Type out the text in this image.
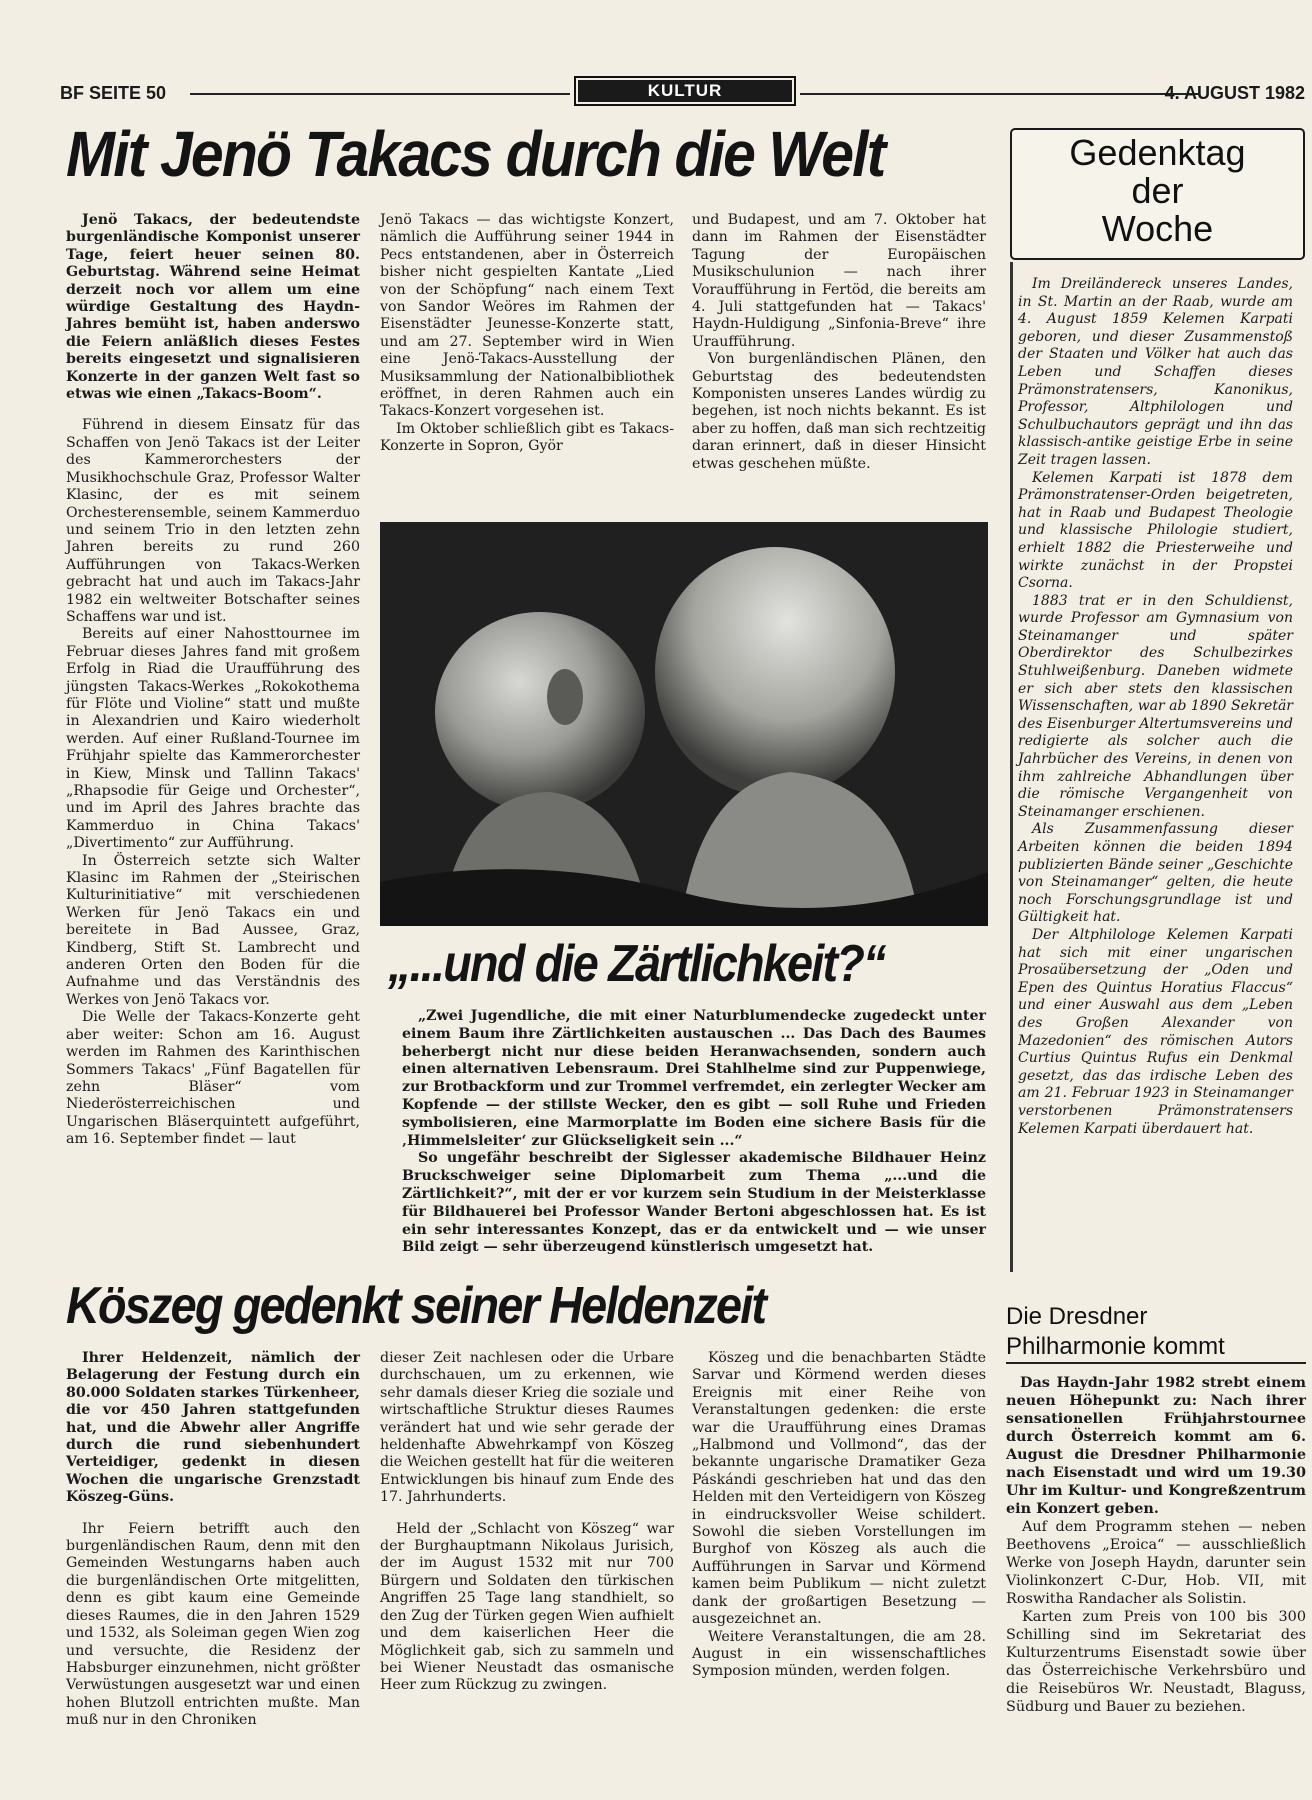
BF SEITE 50	KULTUR	4. AUGUST 1982
Mit Jenö Takacs durch die Welt

Jenö Takacs, der bedeutendste burgenländische Komponist unserer Tage, feiert heuer seinen 80. Geburtstag. Während seine Heimat derzeit noch vor allem um eine würdige Gestaltung des Haydn-Jahres bemüht ist, haben anderswo die Feiern anläßlich dieses Festes bereits eingesetzt und signalisieren Konzerte in der ganzen Welt fast so etwas wie einen „Takacs-Boom“.

Führend in diesem Einsatz für das Schaffen von Jenö Takacs ist der Leiter des Kammerorchesters der Musikhochschule Graz, Professor Walter Klasinc, der es mit seinem Orchesterensemble, seinem Kammerduo und seinem Trio in den letzten zehn Jahren bereits zu rund 260 Aufführungen von Takacs-Werken gebracht hat und auch im Takacs-Jahr 1982 ein weltweiter Botschafter seines Schaffens war und ist.

Bereits auf einer Nahosttournee im Februar dieses Jahres fand mit großem Erfolg in Riad die Uraufführung des jüngsten Takacs-Werkes „Rokokothema für Flöte und Violine“ statt und mußte in Alexandrien und Kairo wiederholt werden. Auf einer Rußland-Tournee im Frühjahr spielte das Kammerorchester in Kiew, Minsk und Tallinn Takacs' „Rhapsodie für Geige und Orchester“, und im April des Jahres brachte das Kammerduo in China Takacs' „Divertimento“ zur Aufführung.

In Österreich setzte sich Walter Klasinc im Rahmen der „Steirischen Kulturinitiative“ mit verschiedenen Werken für Jenö Takacs ein und bereitete in Bad Aussee, Graz, Kindberg, Stift St. Lambrecht und anderen Orten den Boden für die Aufnahme und das Verständnis des Werkes von Jenö Takacs vor.

Die Welle der Takacs-Konzerte geht aber weiter: Schon am 16. August werden im Rahmen des Karinthischen Sommers Takacs' „Fünf Bagatellen für zehn Bläser“ vom Niederösterreichischen und Ungarischen Bläserquintett aufgeführt, am 16. September findet — laut

Jenö Takacs — das wichtigste Konzert, nämlich die Aufführung seiner 1944 in Pecs entstandenen, aber in Österreich bisher nicht gespielten Kantate „Lied von der Schöpfung“ nach einem Text von Sandor Weöres im Rahmen der Eisenstädter Jeunesse-Konzerte statt, und am 27. September wird in Wien eine Jenö-Takacs-Ausstellung der Musiksammlung der Nationalbibliothek eröffnet, in deren Rahmen auch ein Takacs-Konzert vorgesehen ist.

Im Oktober schließlich gibt es Takacs-Konzerte in Sopron, Györ

und Budapest, und am 7. Oktober hat dann im Rahmen der Eisenstädter Tagung der Europäischen Musikschulunion — nach ihrer Voraufführung in Fertöd, die bereits am 4. Juli stattgefunden hat — Takacs' Haydn-Huldigung „Sinfonia-Breve“ ihre Uraufführung.

Von burgenländischen Plänen, den Geburtstag des bedeutendsten Komponisten unseres Landes würdig zu begehen, ist noch nichts bekannt. Es ist aber zu hoffen, daß man sich rechtzeitig daran erinnert, daß in dieser Hinsicht etwas geschehen müßte.

„...und die Zärtlichkeit?“

„Zwei Jugendliche, die mit einer Naturblumendecke zugedeckt unter einem Baum ihre Zärtlichkeiten austauschen ... Das Dach des Baumes beherbergt nicht nur diese beiden Heranwachsenden, sondern auch einen alternativen Lebensraum. Drei Stahlhelme sind zur Puppenwiege, zur Brotbackform und zur Trommel verfremdet, ein zerlegter Wecker am Kopfende — der stillste Wecker, den es gibt — soll Ruhe und Frieden symbolisieren, eine Marmorplatte im Boden eine sichere Basis für die ‚Himmelsleiter‘ zur Glückseligkeit sein ...“

So ungefähr beschreibt der Siglesser akademische Bildhauer Heinz Bruckschweiger seine Diplomarbeit zum Thema „...und die Zärtlichkeit?“, mit der er vor kurzem sein Studium in der Meisterklasse für Bildhauerei bei Professor Wander Bertoni abgeschlossen hat. Es ist ein sehr interessantes Konzept, das er da entwickelt und — wie unser Bild zeigt — sehr überzeugend künstlerisch umgesetzt hat.

Köszeg gedenkt seiner Heldenzeit

Ihrer Heldenzeit, nämlich der Belagerung der Festung durch ein 80.000 Soldaten starkes Türkenheer, die vor 450 Jahren stattgefunden hat, und die Abwehr aller Angriffe durch die rund siebenhundert Verteidiger, gedenkt in diesen Wochen die ungarische Grenzstadt Köszeg-Güns.

Ihr Feiern betrifft auch den burgenländischen Raum, denn mit den Gemeinden Westungarns haben auch die burgenländischen Orte mitgelitten, denn es gibt kaum eine Gemeinde dieses Raumes, die in den Jahren 1529 und 1532, als Soleiman gegen Wien zog und versuchte, die Residenz der Habsburger einzunehmen, nicht größter Verwüstungen ausgesetzt war und einen hohen Blutzoll entrichten mußte. Man muß nur in den Chroniken

dieser Zeit nachlesen oder die Urbare durchschauen, um zu erkennen, wie sehr damals dieser Krieg die soziale und wirtschaftliche Struktur dieses Raumes verändert hat und wie sehr gerade der heldenhafte Abwehrkampf von Köszeg die Weichen gestellt hat für die weiteren Entwicklungen bis hinauf zum Ende des 17. Jahrhunderts.

Held der „Schlacht von Köszeg“ war der Burghauptmann Nikolaus Jurisich, der im August 1532 mit nur 700 Bürgern und Soldaten den türkischen Angriffen 25 Tage lang standhielt, so den Zug der Türken gegen Wien aufhielt und dem kaiserlichen Heer die Möglichkeit gab, sich zu sammeln und bei Wiener Neustadt das osmanische Heer zum Rückzug zu zwingen.

Köszeg und die benachbarten Städte Sarvar und Körmend werden dieses Ereignis mit einer Reihe von Veranstaltungen gedenken: die erste war die Uraufführung eines Dramas „Halbmond und Vollmond“, das der bekannte ungarische Dramatiker Geza Páskándi geschrieben hat und das den Helden mit den Verteidigern von Köszeg in eindrucksvoller Weise schildert. Sowohl die sieben Vorstellungen im Burghof von Köszeg als auch die Aufführungen in Sarvar und Körmend kamen beim Publikum — nicht zuletzt dank der großartigen Besetzung — ausgezeichnet an.

Weitere Veranstaltungen, die am 28. August in ein wissenschaftliches Symposion münden, werden folgen.

Gedenktag
der
Woche

Im Dreiländereck unseres Landes, in St. Martin an der Raab, wurde am 4. August 1859 Kelemen Karpati geboren, und dieser Zusammenstoß der Staaten und Völker hat auch das Leben und Schaffen dieses Prämonstratensers, Kanonikus, Professor, Altphilologen und Schulbuchautors geprägt und ihn das klassisch-antike geistige Erbe in seine Zeit tragen lassen.

Kelemen Karpati ist 1878 dem Prämonstratenser-Orden beigetreten, hat in Raab und Budapest Theologie und klassische Philologie studiert, erhielt 1882 die Priesterweihe und wirkte zunächst in der Propstei Csorna.

1883 trat er in den Schuldienst, wurde Professor am Gymnasium von Steinamanger und später Oberdirektor des Schulbezirkes Stuhlweißenburg. Daneben widmete er sich aber stets den klassischen Wissenschaften, war ab 1890 Sekretär des Eisenburger Altertumsvereins und redigierte als solcher auch die Jahrbücher des Vereins, in denen von ihm zahlreiche Abhandlungen über die römische Vergangenheit von Steinamanger erschienen.

Als Zusammenfassung dieser Arbeiten können die beiden 1894 publizierten Bände seiner „Geschichte von Steinamanger“ gelten, die heute noch Forschungsgrundlage ist und Gültigkeit hat.

Der Altphilologe Kelemen Karpati hat sich mit einer ungarischen Prosaübersetzung der „Oden und Epen des Quintus Horatius Flaccus“ und einer Auswahl aus dem „Leben des Großen Alexander von Mazedonien“ des römischen Autors Curtius Quintus Rufus ein Denkmal gesetzt, das das irdische Leben des am 21. Februar 1923 in Steinamanger verstorbenen Prämonstratensers Kelemen Karpati überdauert hat.

Die Dresdner
Philharmonie kommt

Das Haydn-Jahr 1982 strebt einem neuen Höhepunkt zu: Nach ihrer sensationellen Frühjahrstournee durch Österreich kommt am 6. August die Dresdner Philharmonie nach Eisenstadt und wird um 19.30 Uhr im Kultur- und Kongreßzentrum ein Konzert geben.

Auf dem Programm stehen — neben Beethovens „Eroica“ — ausschließlich Werke von Joseph Haydn, darunter sein Violinkonzert C-Dur, Hob. VII, mit Roswitha Randacher als Solistin.

Karten zum Preis von 100 bis 300 Schilling sind im Sekretariat des Kulturzentrums Eisenstadt sowie über das Österreichische Verkehrsbüro und die Reisebüros Wr. Neustadt, Blaguss, Südburg und Bauer zu beziehen.
